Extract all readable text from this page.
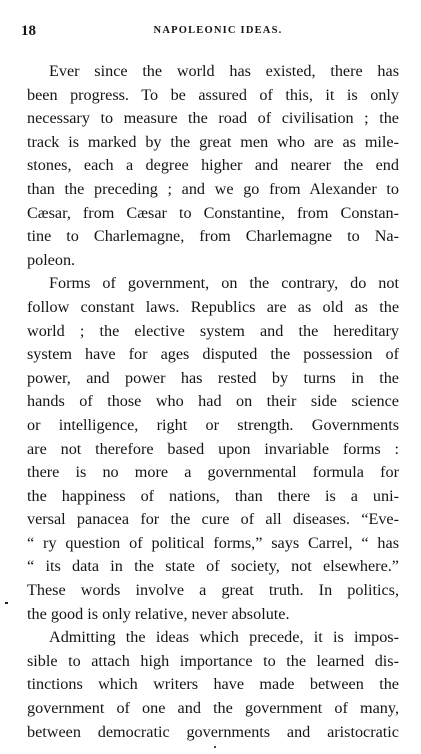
18	NAPOLEONIC IDEAS.
Ever since the world has existed, there has
been progress. To be assured of this, it is only
necessary to measure the road of civilisation ; the
track is marked by the great men who are as mile-
stones, each a degree higher and nearer the end
than the preceding ; and we go from Alexander to
Cæsar, from Cæsar to Constantine, from Constan-
tine to Charlemagne, from Charlemagne to Na-
poleon.
Forms of government, on the contrary, do not
follow constant laws. Republics are as old as the
world ; the elective system and the hereditary
system have for ages disputed the possession of
power, and power has rested by turns in the
hands of those who had on their side science
or intelligence, right or strength. Governments
are not therefore based upon invariable forms :
there is no more a governmental formula for
the happiness of nations, than there is a uni-
versal panacea for the cure of all diseases. “Eve-
“ ry question of political forms,” says Carrel, “ has
“ its data in the state of society, not elsewhere.”
These words involve a great truth. In politics,
the good is only relative, never absolute.
Admitting the ideas which precede, it is impos-
sible to attach high importance to the learned dis-
tinctions which writers have made between the
government of one and the government of many,
between democratic governments and aristocratic
